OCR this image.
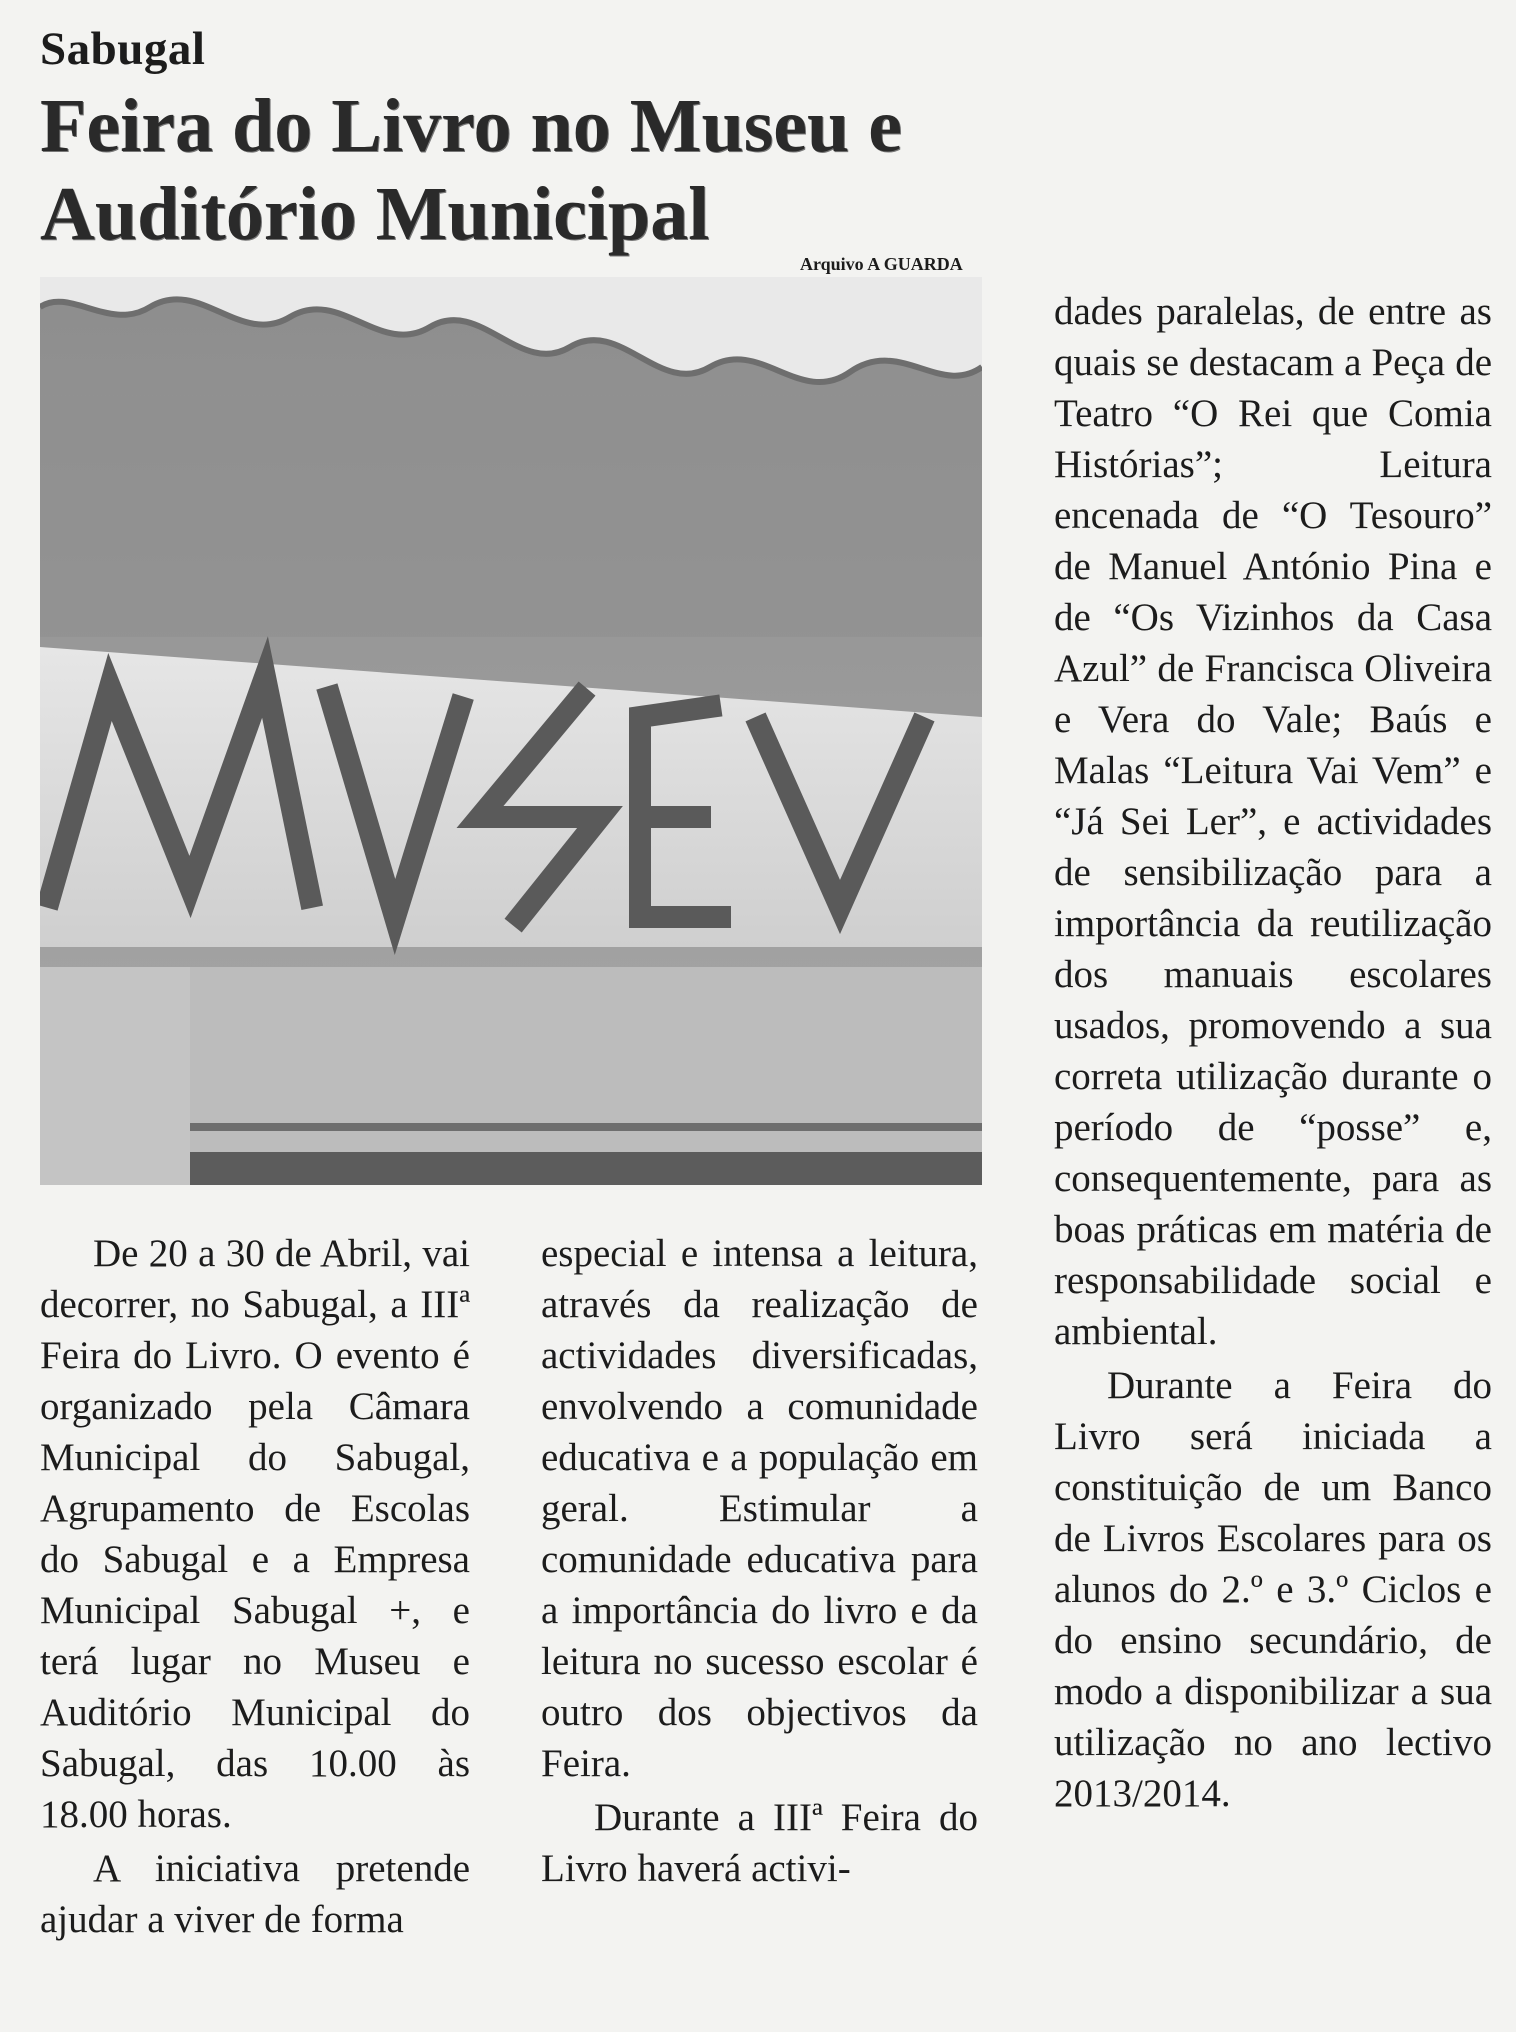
Sabugal
Feira do Livro no Museu e Auditório Municipal
Arquivo A GUARDA

De 20 a 30 de Abril, vai decorrer, no Sabugal, a IIIª Feira do Livro. O evento é organizado pela Câmara Municipal do Sabugal, Agrupamento de Escolas do Sabugal e a Empresa Municipal Sabugal +, e terá lugar no Museu e Auditório Municipal do Sabugal, das 10.00 às 18.00 horas.

A iniciativa pretende ajudar a viver de forma

especial e intensa a leitura, através da realização de actividades diversificadas, envolvendo a comunidade educativa e a população em geral. Estimular a comunidade educativa para a importância do livro e da leitura no sucesso escolar é outro dos objectivos da Feira.

Durante a IIIª Feira do Livro haverá activi-

dades paralelas, de entre as quais se destacam a Peça de Teatro “O Rei que Comia Histórias”; Leitura encenada de “O Tesouro” de Manuel António Pina e de “Os Vizinhos da Casa Azul” de Francisca Oliveira e Vera do Vale; Baús e Malas “Leitura Vai Vem” e “Já Sei Ler”, e actividades de sensibilização para a importância da reutilização dos manuais escolares usados, promovendo a sua correta utilização durante o período de “posse” e, consequentemente, para as boas práticas em matéria de responsabilidade social e ambiental.

Durante a Feira do Livro será iniciada a constituição de um Banco de Livros Escolares para os alunos do 2.º e 3.º Ciclos e do ensino secundário, de modo a disponibilizar a sua utilização no ano lectivo 2013/2014.
